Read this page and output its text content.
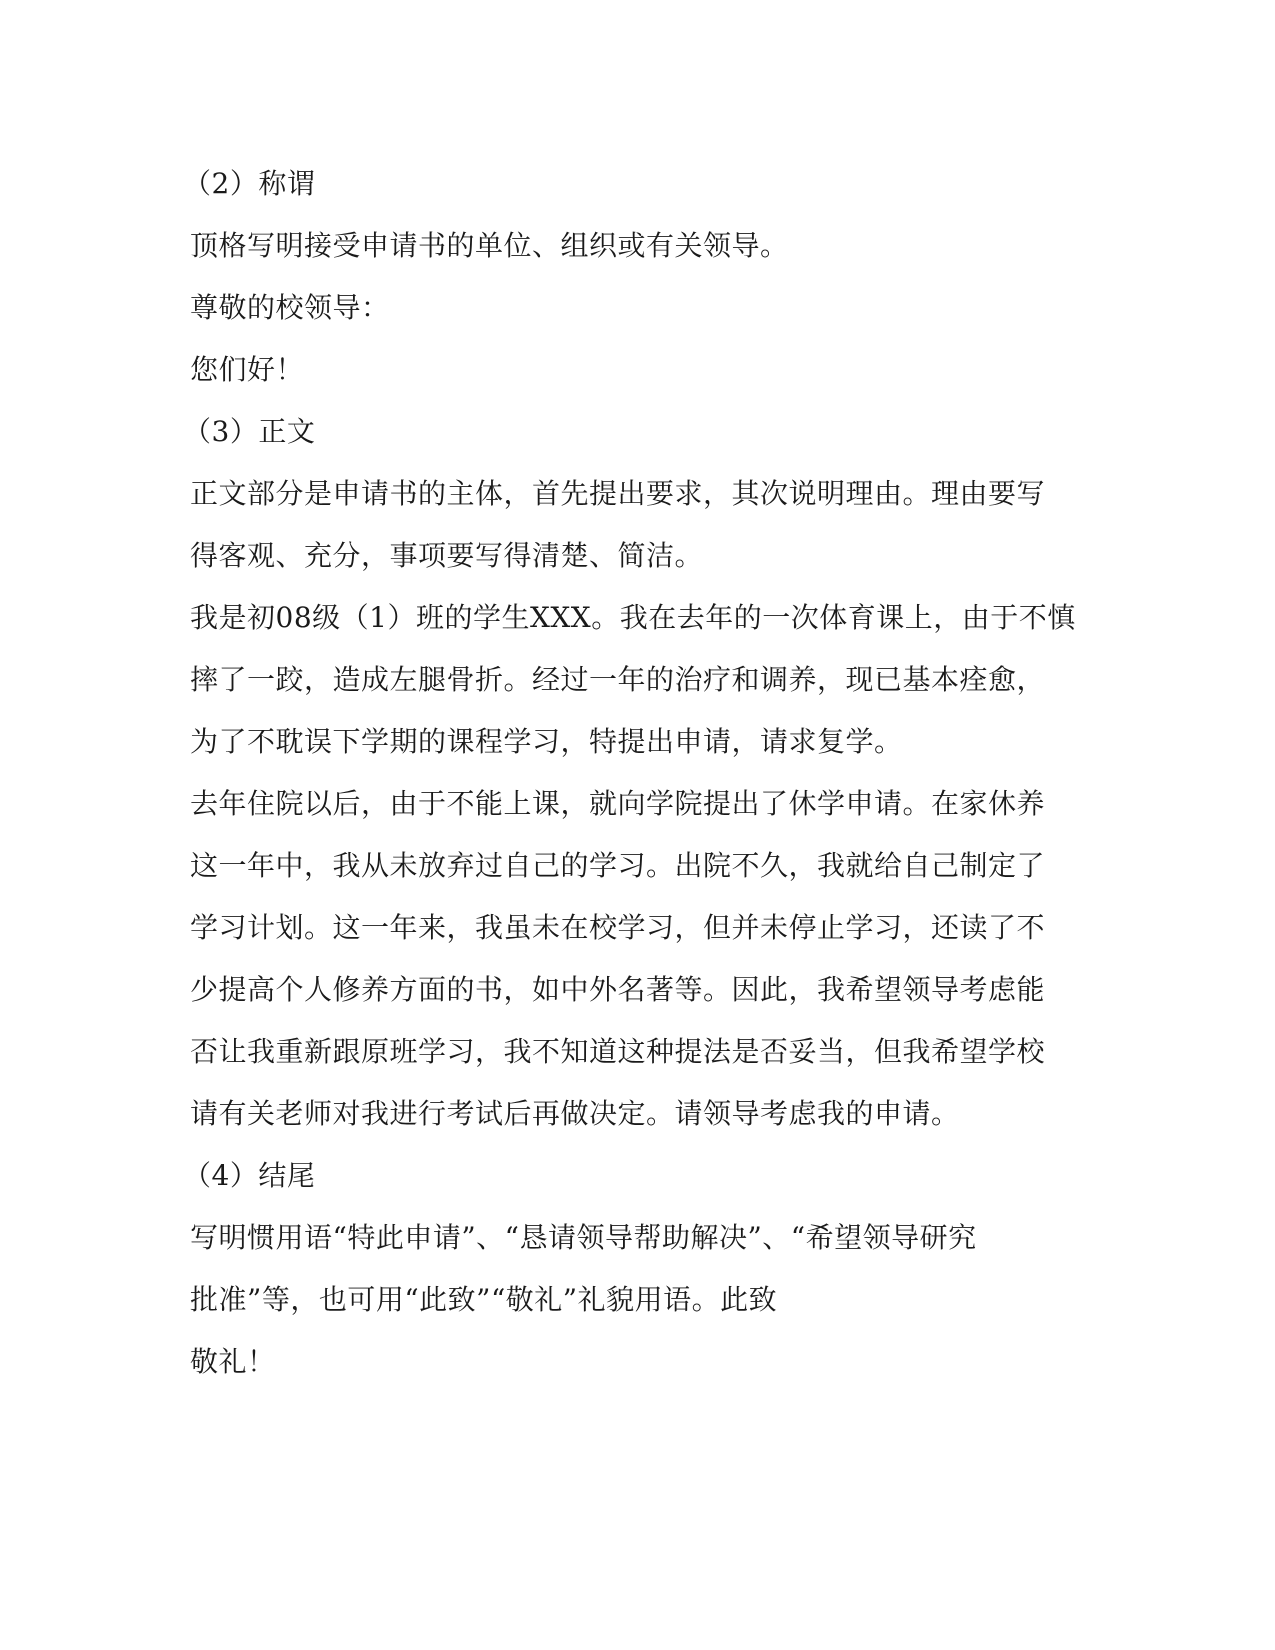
（2）称谓
顶格写明接受申请书的单位、组织或有关领导。
尊敬的校领导：
您们好！
（3）正文
正文部分是申请书的主体，首先提出要求，其次说明理由。理由要写
得客观、充分，事项要写得清楚、简洁。
我是初08级（1）班的学生XXX。我在去年的一次体育课上，由于不慎
摔了一跤，造成左腿骨折。经过一年的治疗和调养，现已基本痊愈，
为了不耽误下学期的课程学习，特提出申请，请求复学。
去年住院以后，由于不能上课，就向学院提出了休学申请。在家休养
这一年中，我从未放弃过自己的学习。出院不久，我就给自己制定了
学习计划。这一年来，我虽未在校学习，但并未停止学习，还读了不
少提高个人修养方面的书，如中外名著等。因此，我希望领导考虑能
否让我重新跟原班学习，我不知道这种提法是否妥当，但我希望学校
请有关老师对我进行考试后再做决定。请领导考虑我的申请。
（4）结尾
写明惯用语“特此申请”、“恳请领导帮助解决”、“希望领导研究
批准”等，也可用“此致”“敬礼”礼貌用语。此致
敬礼！
